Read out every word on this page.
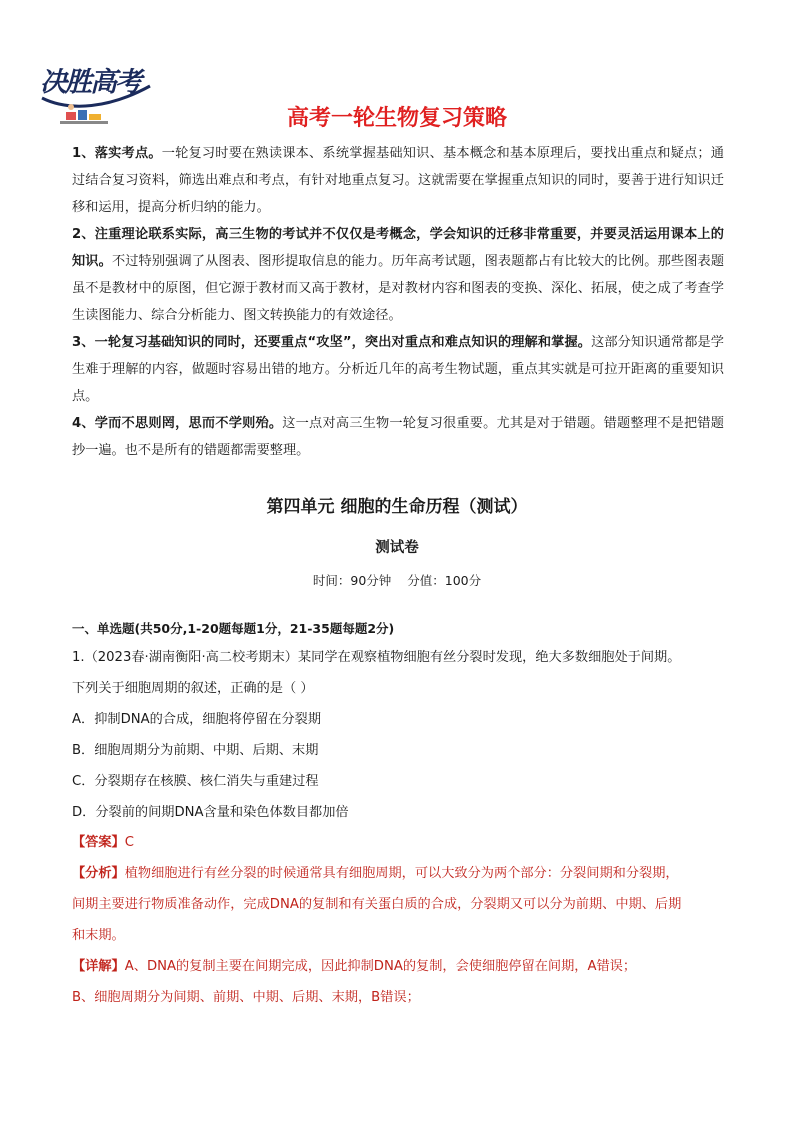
决胜高考
高考一轮生物复习策略

1、落实考点。一轮复习时要在熟读课本、系统掌握基础知识、基本概念和基本原理后，要找出重点和疑点；通过结合复习资料，筛选出难点和考点，有针对地重点复习。这就需要在掌握重点知识的同时，要善于进行知识迁移和运用，提高分析归纳的能力。

2、注重理论联系实际，高三生物的考试并不仅仅是考概念，学会知识的迁移非常重要，并要灵活运用课本上的知识。不过特别强调了从图表、图形提取信息的能力。历年高考试题，图表题都占有比较大的比例。那些图表题虽不是教材中的原图，但它源于教材而又高于教材，是对教材内容和图表的变换、深化、拓展，使之成了考查学生读图能力、综合分析能力、图文转换能力的有效途径。

3、一轮复习基础知识的同时，还要重点“攻坚”，突出对重点和难点知识的理解和掌握。这部分知识通常都是学生难于理解的内容，做题时容易出错的地方。分析近几年的高考生物试题，重点其实就是可拉开距离的重要知识点。

4、学而不思则罔，思而不学则殆。这一点对高三生物一轮复习很重要。尤其是对于错题。错题整理不是把错题抄一遍。也不是所有的错题都需要整理。

第四单元 细胞的生命历程（测试）
测试卷
时间：90分钟 分值：100分
一、单选题(共50分,1-20题每题1分，21-35题每题2分)

1.（2023春·湖南衡阳·高二校考期末）某同学在观察植物细胞有丝分裂时发现，绝大多数细胞处于间期。

下列关于细胞周期的叙述，正确的是（ ）

A．抑制DNA的合成，细胞将停留在分裂期

B．细胞周期分为前期、中期、后期、末期

C．分裂期存在核膜、核仁消失与重建过程

D．分裂前的间期DNA含量和染色体数目都加倍

【答案】C

【分析】植物细胞进行有丝分裂的时候通常具有细胞周期，可以大致分为两个部分：分裂间期和分裂期，

间期主要进行物质准备动作，完成DNA的复制和有关蛋白质的合成，分裂期又可以分为前期、中期、后期

和末期。

【详解】A、DNA的复制主要在间期完成，因此抑制DNA的复制，会使细胞停留在间期，A错误；

B、细胞周期分为间期、前期、中期、后期、末期，B错误；
